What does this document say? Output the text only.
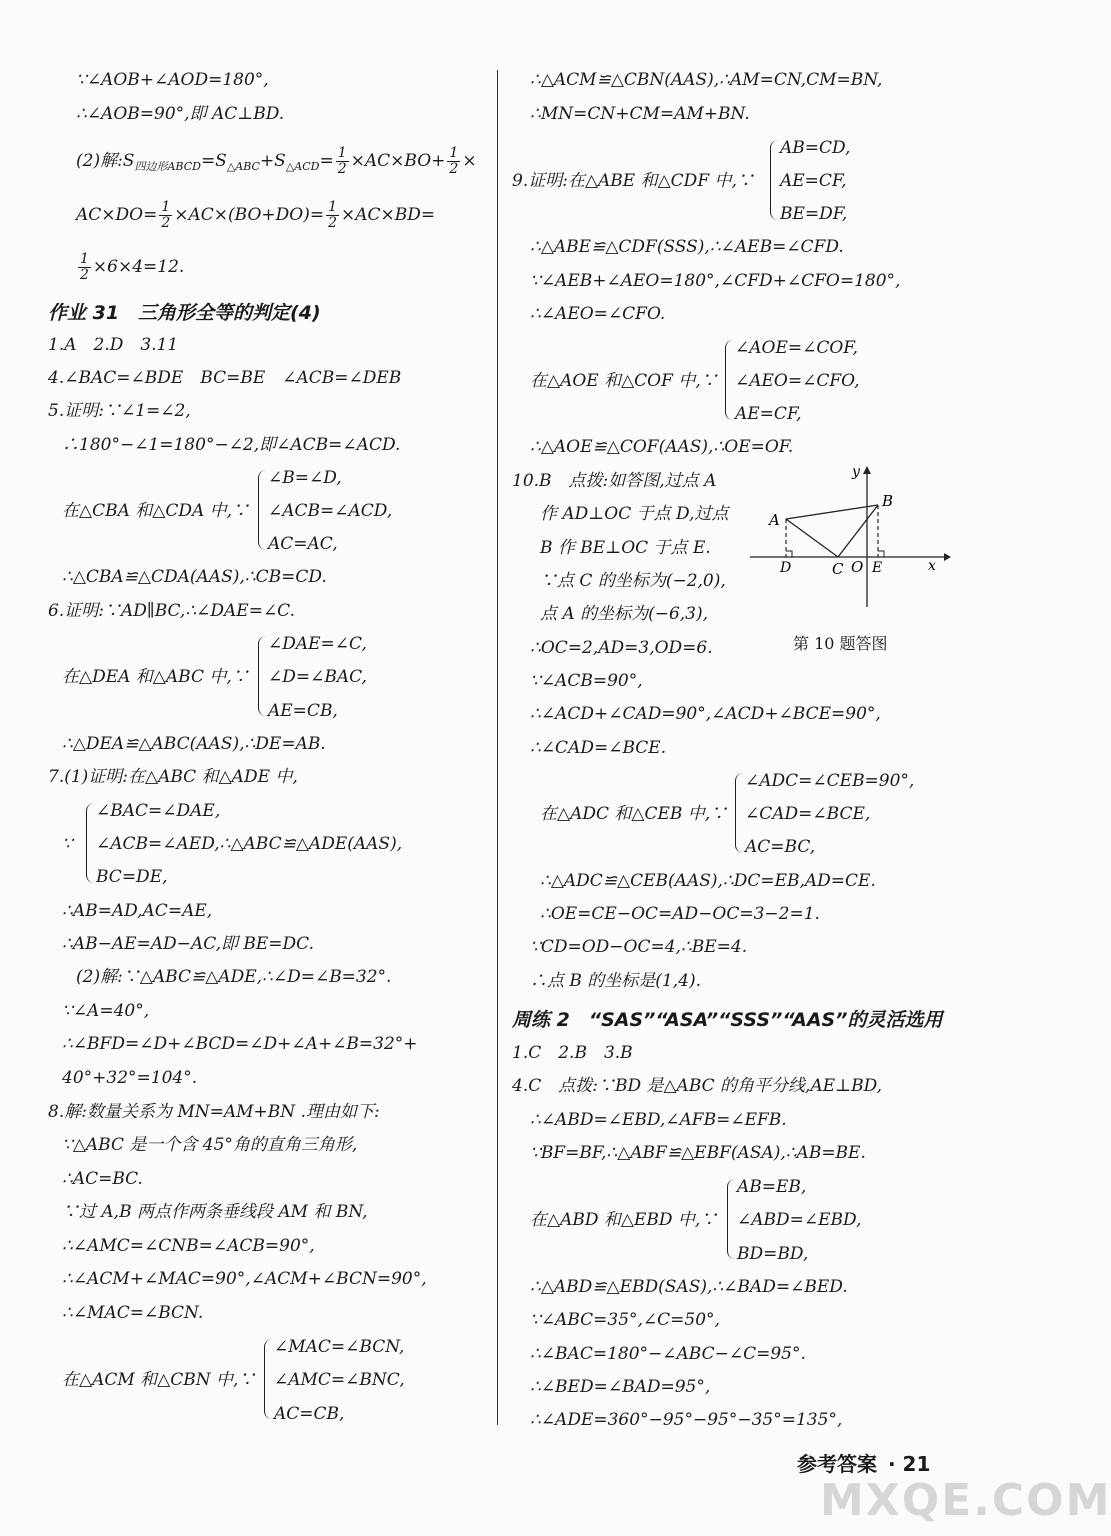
∵∠AOB+∠AOD=180°,
∴∠AOB=90°,即 AC⊥BD.
(2)解$:S_{四边形ABCD}=S_{\triangle ABC}+S_{\triangle ACD}= \frac{1}{2} \times AC\times BO+ \frac{1}{2}$ ×
$AC\times DO= \frac{1}{2} \times AC\times(BO+DO)= \frac{1}{2} \times AC\times BD=$
$\frac{1}{2} \times 6\times 4=12$.
作业 31　三角形全等的判定(4)
1.A　2.D　3.11
4.∠BAC=∠BDE　BC=BE　∠ACB=∠DEB
5.证明:∵∠1=∠2,
∴180°−∠1=180°−∠2,即∠ACB=∠ACD.
∠B=∠D,
在△CBA 和△CDA 中,∵ ∠ACB=∠ACD,
AC=AC,
∴△CBA≌△CDA(AAS),∴CB=CD.
6.证明:∵AD∥BC,∴∠DAE=∠C.
∠DAE=∠C,
在△DEA 和△ABC 中,∵ ∠D=∠BAC,
AE=CB,
∴△DEA≌△ABC(AAS),∴DE=AB.
7.(1)证明:在△ABC 和△ADE 中,
∠BAC=∠DAE,
∵ ∠ACB=∠AED,∴△ABC≌△ADE(AAS),
BC=DE,
∴AB=AD,AC=AE,
∴AB−AE=AD−AC,即 BE=DC.
(2)解:∵△ABC≌△ADE,∴∠D=∠B=32°.
∵∠A=40°,
∴∠BFD=∠D+∠BCD=∠D+∠A+∠B=32°+
40°+32°=104°.
8.解:数量关系为 MN=AM+BN .理由如下:
∵△ABC 是一个含 45°角的直角三角形,
∴AC=BC.
∵过 A,B 两点作两条垂线段 AM 和 BN,
∴∠AMC=∠CNB=∠ACB=90°,
∴∠ACM+∠MAC=90°,∠ACM+∠BCN=90°,
∴∠MAC=∠BCN.
∠MAC=∠BCN,
在△ACM 和△CBN 中,∵ ∠AMC=∠BNC,
AC=CB,
∴△ACM≌△CBN(AAS),∴AM=CN,CM=BN,
∴MN=CN+CM=AM+BN.
AB=CD,
9.证明:在△ABE 和△CDF 中,∵ AE=CF,
BE=DF,
∴△ABE≌△CDF(SSS),∴∠AEB=∠CFD.
∵∠AEB+∠AEO=180°,∠CFD+∠CFO=180°,
∴∠AEO=∠CFO.
∠AOE=∠COF,
在△AOE 和△COF 中,∵ ∠AEO=∠CFO,
AE=CF,
∴△AOE≌△COF(AAS),∴OE=OF.
10.B　点拨:如答图,过点 A
作 AD⊥OC 于点 D,过点
B 作 BE⊥OC 于点 E.
∵点 C 的坐标为(−2,0),
点 A 的坐标为(−6,3),
∴OC=2,AD=3,OD=6.
y
x
A
B
C O
D	E
第 10 题答图
∵∠ACB=90°,
∴∠ACD+∠CAD=90°,∠ACD+∠BCE=90°,
∴∠CAD=∠BCE.
∠ADC=∠CEB=90°,
在△ADC 和△CEB 中,∵ ∠CAD=∠BCE,
AC=BC,
∴△ADC≌△CEB(AAS),∴DC=EB,AD=CE.
∴OE=CE−OC=AD−OC=3−2=1.
∵CD=OD−OC=4,∴BE=4.
∴点 B 的坐标是(1,4).
周练 2　“SAS”“ASA”“SSS”“AAS”的灵活选用
1.C　2.B　3.B
4.C　点拨:∵BD 是△ABC 的角平分线,AE⊥BD,
∴∠ABD=∠EBD,∠AFB=∠EFB.
∵BF=BF,∴△ABF≌△EBF(ASA),∴AB=BE.
AB=EB,
在△ABD 和△EBD 中,∵ ∠ABD=∠EBD,
BD=BD,
∴△ABD≌△EBD(SAS),∴∠BAD=∠BED.
∵∠ABC=35°,∠C=50°,
∴∠BAC=180°−∠ABC−∠C=95°.
∴∠BED=∠BAD=95°,
∴∠ADE=360°−95°−95°−35°=135°,
参考答案 · 21
MXQE.COM
